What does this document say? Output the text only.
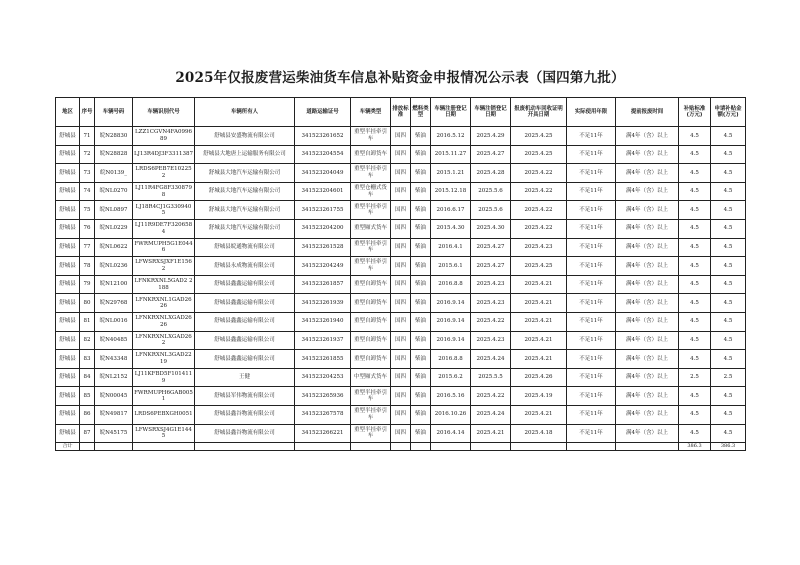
2025年仅报废营运柴油货车信息补贴资金申报情况公示表（国四第九批）
地区	序号	车辆号码	车辆识别代号	车辆所有人	道路运输证号	车辆类型	排放标准	燃料类型	车辆注册登记日期	车辆注销登记日期	报废机动车回收证明开具日期	实际使用年限	提前报废时间	补贴标准(万元)	申请补贴金额(万元)
舒城县	71	皖N28830	LZZ1CGVN4FA0996 89	舒城县安盛物流有限公司	341523261652	重型半挂牵引车	国四	柴油	2016.5.12	2025.4.29	2025.4.25	不足11年	满4年（含）以上	4.5	4.5
舒城县	72	皖N28828	LJ13R4DJ3F3311387	舒城县大地唐上运输服务有限公司	341523204554	重型自卸货车	国四	柴油	2015.11.27	2025.4.27	2025.4.25	不足11年	满4年（含）以上	4.5	4.5
舒城县	73	皖N0139_	LRDS6PEB7E102252	舒城县大地汽车运输有限公司	341523204049	重型半挂牵引车	国四	柴油	2015.1.21	2025.4.28	2025.4.22	不足11年	满4年（含）以上	4.5	4.5
舒城县	74	皖NL0270	LJ11R4FG8F3308798	舒城县大地汽车运输有限公司	341523204601	重型仓栅式货车	国四	柴油	2015.12.18	2025.5.6	2025.4.22	不足11年	满4年（含）以上	4.5	4.5
舒城县	75	皖NL0897	LJ18R4CJ1G3309405	舒城县大地汽车运输有限公司	341523261755	重型半挂牵引车	国四	柴油	2016.6.17	2025.5.6	2025.4.22	不足11年	满4年（含）以上	4.5	4.5
舒城县	76	皖NL0229	LJ11R9DE7F3206584	舒城县大地汽车运输有限公司	341523204200	重型厢式货车	国四	柴油	2015.4.30	2025.4.30	2025.4.22	不足11年	满4年（含）以上	4.5	4.5
舒城县	77	皖NL0622	FWRMUPH5G1E0446	舒城县皖通物流有限公司	341523261528	重型半挂牵引车	国四	柴油	2016.4.1	2025.4.27	2025.4.23	不足11年	满4年（含）以上	4.5	4.5
舒城县	78	皖NL0236	LFWSRXSJXF1E1562	舒城县永成物流有限公司	341523204249	重型半挂牵引车	国四	柴油	2015.6.1	2025.4.27	2025.4.25	不足11年	满4年（含）以上	4.5	4.5
舒城县	79	皖N12100	LFNKRXNL5GAD2 2188	舒城县鑫鑫运输有限公司	341523261857	重型自卸货车	国四	柴油	2016.8.8	2025.4.23	2025.4.21	不足11年	满4年（含）以上	4.5	4.5
舒城县	80	皖N29768	LFNKRXNL1GAD2626	舒城县鑫鑫运输有限公司	341523261939	重型自卸货车	国四	柴油	2016.9.14	2025.4.23	2025.4.21	不足11年	满4年（含）以上	4.5	4.5
舒城县	81	皖NL0016	LFNKRXNLXGAD2626	舒城县鑫鑫运输有限公司	341523261940	重型自卸货车	国四	柴油	2016.9.14	2025.4.22	2025.4.21	不足11年	满4年（含）以上	4.5	4.5
舒城县	82	皖N40485	LFNKRXNLXGAD262	舒城县鑫鑫运输有限公司	341523261937	重型自卸货车	国四	柴油	2016.9.14	2025.4.23	2025.4.21	不足11年	满4年（含）以上	4.5	4.5
舒城县	83	皖N43348	LFNKRXNL3GAD2219	舒城县鑫鑫运输有限公司	341523261855	重型自卸货车	国四	柴油	2016.8.8	2025.4.24	2025.4.21	不足11年	满4年（含）以上	4.5	4.5
舒城县	84	皖NL2152	LJ11KFBD5F1014119	王健	341523204253	中型厢式货车	国四	柴油	2015.6.2	2025.5.5	2025.4.26	不足11年	满4年（含）以上	2.5	2.5
舒城县	85	皖N00045	FWRMUPH6GAB0051	舒城县军伟物流有限公司	341523265936	重型半挂牵引车	国四	柴油	2016.5.16	2025.4.22	2025.4.19	不足11年	满4年（含）以上	4.5	4.5
舒城县	86	皖N49817	LRDS6PEBXGH0051	舒城县鑫谷物流有限公司	341523267578	重型半挂牵引车	国四	柴油	2016.10.26	2025.4.24	2025.4.21	不足11年	满4年（含）以上	4.5	4.5
舒城县	87	皖N45175	LFWSRXSJ4G1E1445	舒城县鑫谷物流有限公司	341523266221	重型半挂牵引车	国四	柴油	2016.4.14	2025.4.21	2025.4.18	不足11年	满4年（含）以上	4.5	4.5
合计														386.3	386.3
